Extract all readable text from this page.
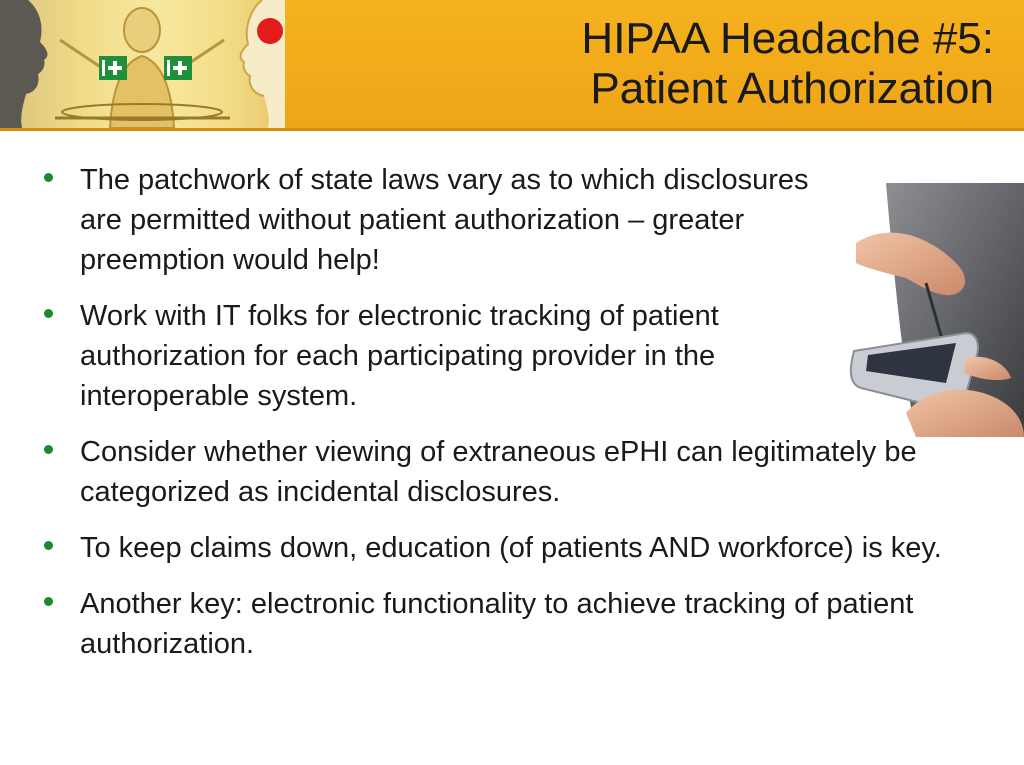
HIPAA Headache #5:
Patient Authorization
The patchwork of state laws vary as to which disclosures are permitted without patient authorization – greater preemption would help!
Work with IT folks for electronic tracking of patient authorization for each participating provider in the interoperable system.
Consider whether viewing of extraneous ePHI can legitimately be categorized as incidental disclosures.
To keep claims down, education (of patients AND workforce) is key.
Another key: electronic functionality to achieve tracking of patient authorization.
